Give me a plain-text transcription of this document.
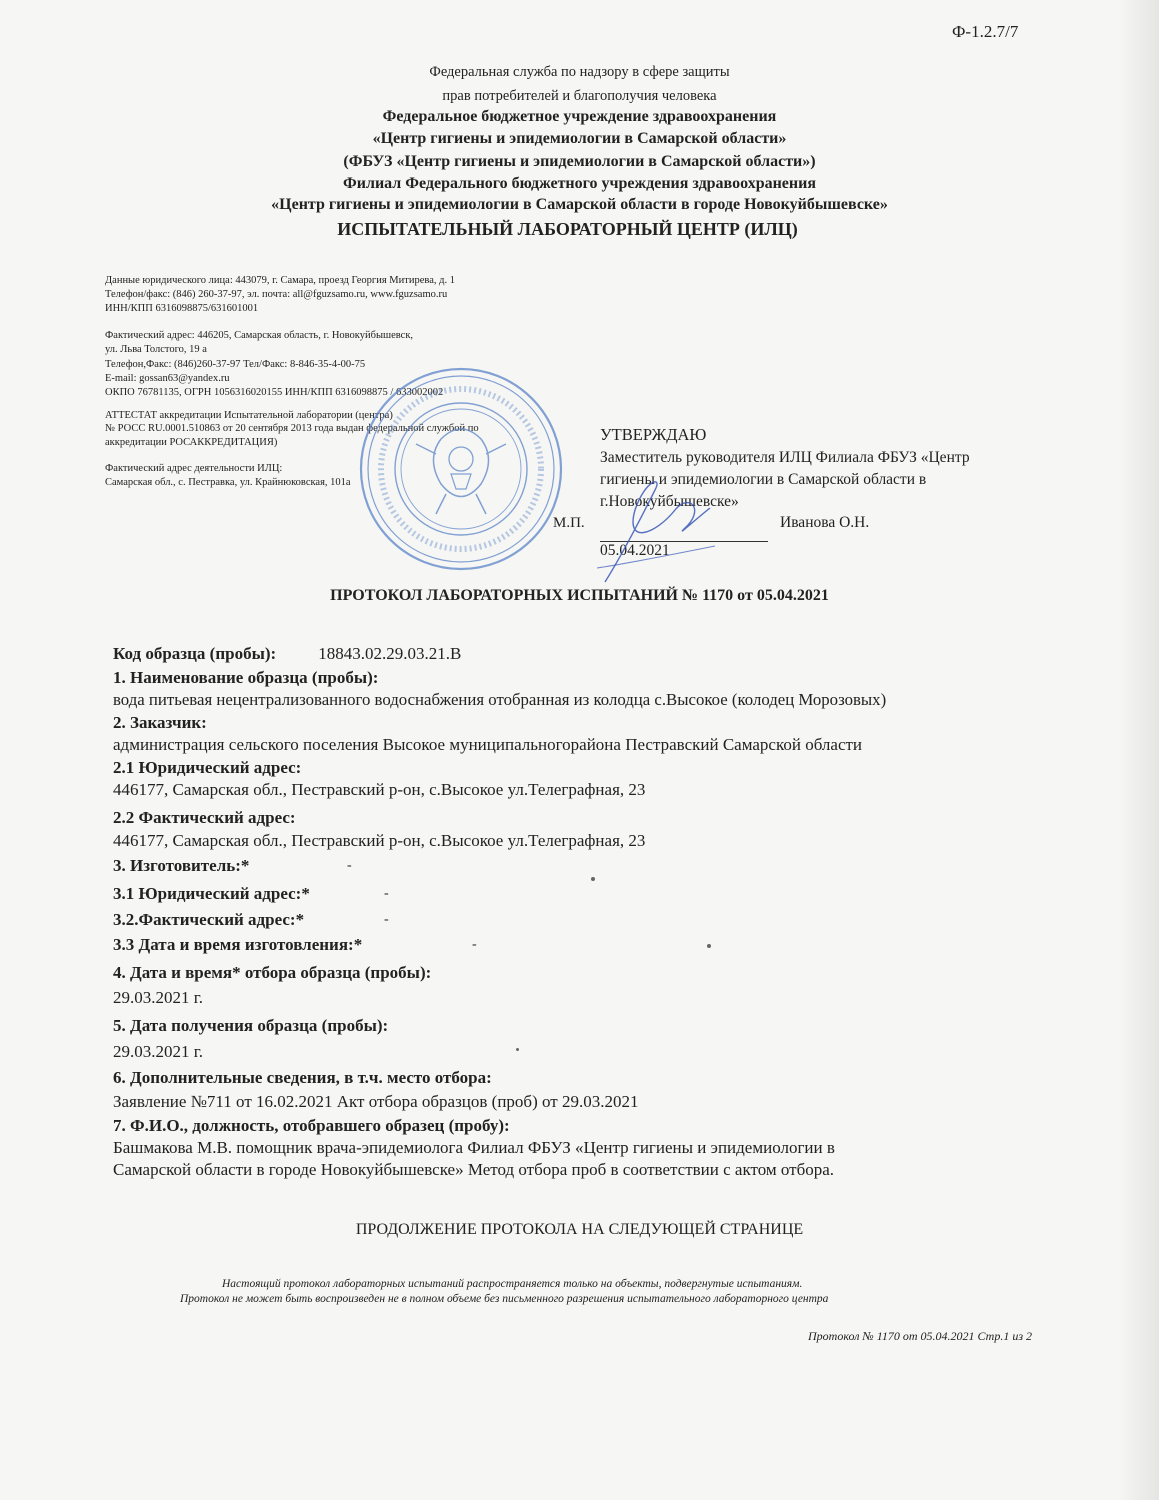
Ф-1.2.7/7
Федеральная служба по надзору в сфере защиты
прав потребителей и благополучия человека
Федеральное бюджетное учреждение здравоохранения
«Центр гигиены и эпидемиологии в Самарской области»
(ФБУЗ «Центр гигиены и эпидемиологии в Самарской области»)
Филиал Федерального бюджетного учреждения здравоохранения
«Центр гигиены и эпидемиологии в Самарской области в городе Новокуйбышевске»
ИСПЫТАТЕЛЬНЫЙ ЛАБОРАТОРНЫЙ ЦЕНТР (ИЛЦ)
Данные юридического лица: 443079, г. Самара, проезд Георгия Митирева, д. 1
Телефон/факс: (846) 260-37-97, эл. почта: all@fguzsamo.ru, www.fguzsamo.ru
ИНН/КПП 6316098875/631601001
Фактический адрес: 446205, Самарская область, г. Новокуйбышевск,
ул. Льва Толстого, 19 а
Телефон,Факс: (846)260-37-97 Тел/Факс: 8-846-35-4-00-75
E-mail: gossan63@yandex.ru
ОКПО 76781135, ОГРН 1056316020155 ИНН/КПП 6316098875 / 633002002
АТТЕСТАТ аккредитации Испытательной лаборатории (центра)
№ РОСС RU.0001.510863 от 20 сентября 2013 года выдан федеральной службой по
аккредитации РОСАККРЕДИТАЦИЯ)
Фактический адрес деятельности ИЛЦ:
Самарская обл., с. Пестравка, ул. Крайнюковская, 101а
УТВЕРЖДАЮ
Заместитель руководителя ИЛЦ Филиала ФБУЗ «Центр
гигиены и эпидемиологии в Самарской области в
г.Новокуйбышевске»
Иванова О.Н.
05.04.2021
М.П.
ПРОТОКОЛ ЛАБОРАТОРНЫХ ИСПЫТАНИЙ № 1170 от 05.04.2021
Код образца (пробы): 18843.02.29.03.21.В
1. Наименование образца (пробы):
вода питьевая нецентрализованного водоснабжения отобранная из колодца с.Высокое (колодец Морозовых)
2. Заказчик:
администрация сельского поселения Высокое муниципальногорайона Пестравский Самарской области
2.1 Юридический адрес:
446177, Самарская обл., Пестравский р-он, с.Высокое ул.Телеграфная, 23
2.2 Фактический адрес:
446177, Самарская обл., Пестравский р-он, с.Высокое ул.Телеграфная, 23
3. Изготовитель:*	-
3.1 Юридический адрес:*	-
3.2.Фактический адрес:*	-
3.3 Дата и время изготовления:*	-
4. Дата и время* отбора образца (пробы):
29.03.2021 г.
5. Дата получения образца (пробы):
29.03.2021 г.
6. Дополнительные сведения, в т.ч. место отбора:
Заявление №711 от 16.02.2021 Акт отбора образцов (проб) от 29.03.2021
7. Ф.И.О., должность, отобравшего образец (пробу):
Башмакова М.В. помощник врача-эпидемиолога Филиал ФБУЗ «Центр гигиены и эпидемиологии в
Самарской области в городе Новокуйбышевске» Метод отбора проб в соответствии с актом отбора.
ПРОДОЛЖЕНИЕ ПРОТОКОЛА НА СЛЕДУЮЩЕЙ СТРАНИЦЕ
Настоящий протокол лабораторных испытаний распространяется только на объекты, подвергнутые испытаниям.
Протокол не может быть воспроизведен не в полном объеме без письменного разрешения испытательного лабораторного центра
Протокол № 1170 от 05.04.2021 Стр.1 из 2
